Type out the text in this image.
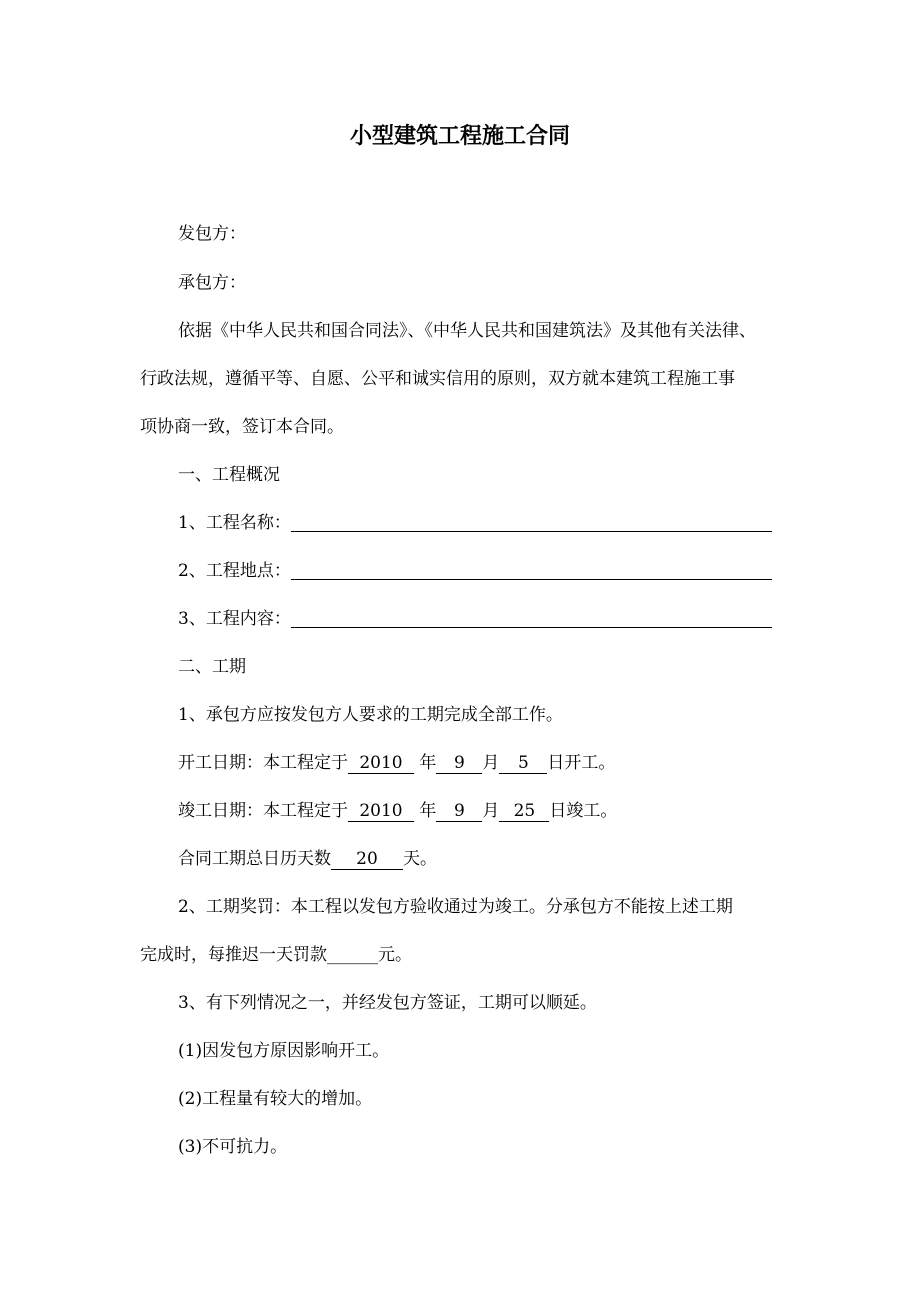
小型建筑工程施工合同
发包方：
承包方：
依据《中华人民共和国合同法》、《中华人民共和国建筑法》及其他有关法律、
行政法规，遵循平等、自愿、公平和诚实信用的原则，双方就本建筑工程施工事
项协商一致，签订本合同。
一、工程概况
1、工程名称：
2、工程地点：
3、工程内容：
二、工期
1、承包方应按发包方人要求的工期完成全部工作。
开工日期：本工程定于 2010 年 9 月 5 日开工。
竣工日期：本工程定于 2010 年 9 月 25 日竣工。
合同工期总日历天数 20 天。
2、工期奖罚：本工程以发包方验收通过为竣工。分承包方不能按上述工期
完成时，每推迟一天罚款______元。
3、有下列情况之一，并经发包方签证，工期可以顺延。
(1)因发包方原因影响开工。
(2)工程量有较大的增加。
(3)不可抗力。
